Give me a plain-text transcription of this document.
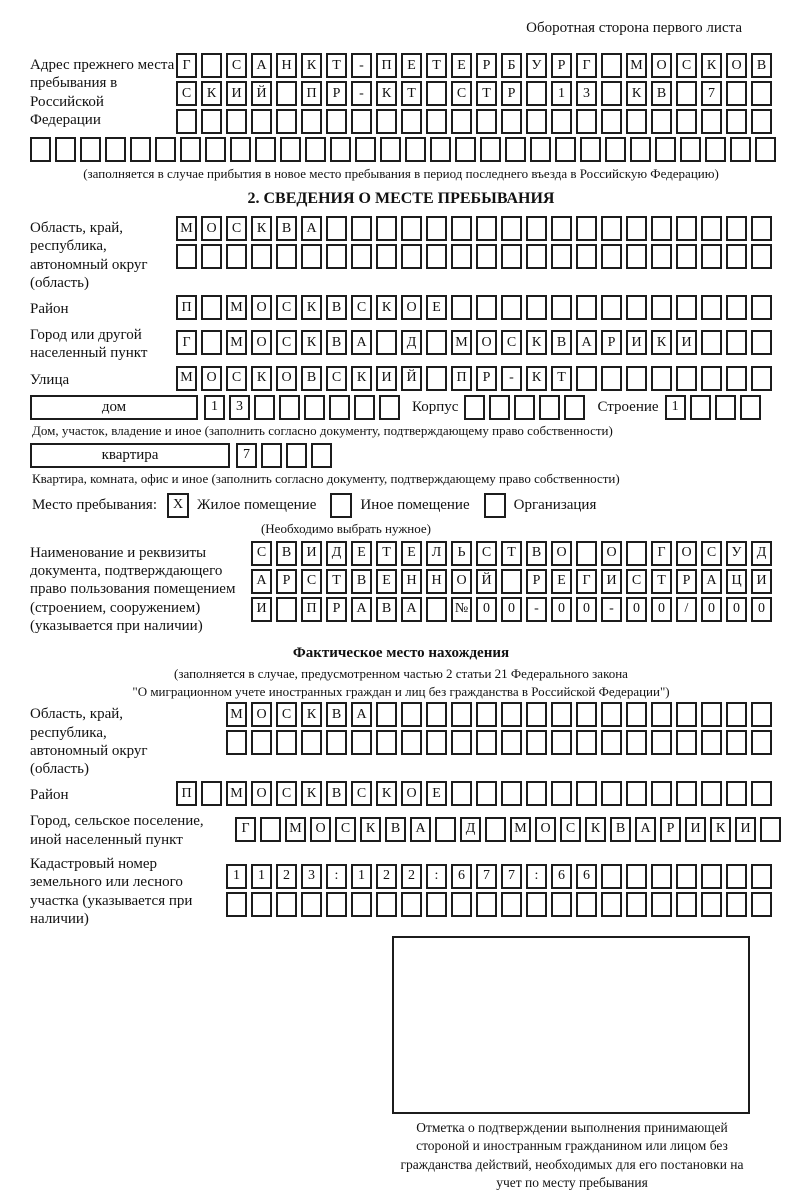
Оборотная сторона первого листа
Адрес прежнего места пребывания в Российской Федерации
Г	С	А	Н	К	Т	-	П	Е	Т	Е	Р	Б	У	Р	Г	М О	С	К	О	В
С	К	И	Й	П	Р	-	К	Т	С	Т	Р	1	3	К	В	7
(заполняется в случае прибытия в новое место пребывания в период последнего въезда в Российскую Федерацию)
2. СВЕДЕНИЯ О МЕСТЕ ПРЕБЫВАНИЯ
Область, край, республика, автономный округ (область)
М О	С	К	В	А
Район	П	М О	С	К	В	С	К	О	Е
Город или другой населенный пункт
Г	М О	С	К	В	А	Д	М О	С	К	В	А	Р	И	К	И
Улица	М О	С	К	О	В	С	К	И	Й	П	Р	-	К	Т
дом	1	3	Корпус	Строение 1
Дом, участок, владение и иное (заполнить согласно документу, подтверждающему право собственности)
квартира	7
Квартира, комната, офис и иное (заполнить согласно документу, подтверждающему право собственности)
Место пребывания:	X Жилое помещение	Иное помещение	Организация
(Необходимо выбрать нужное)
Наименование и реквизиты документа, подтверждающего право пользования помещением (строением, сооружением) (указывается при наличии)
С	В	И	Д	Е	Т	Е	Л	Ь	С	Т	В	О	О	Г	О	С	У	Д
А	Р	С	Т	В	Е	Н	Н	О	Й	Р	Е	Г	И	С	Т	Р	А	Ц	И
И	П	Р	А	В	А	№	0	0	-	0	0	-	0	0	/	0	0	0
Фактическое место нахождения
(заполняется в случае, предусмотренном частью 2 статьи 21 Федерального закона
"О миграционном учете иностранных граждан и лиц без гражданства в Российской Федерации")
Область, край, республика, автономный округ (область)
М О	С	К	В	А
Район	П	М О	С	К	В	С	К	О	Е
Город, сельское поселение, иной населенный пункт
Г	М О	С	К	В	А	Д	М О	С	К	В	А	Р	И	К	И
Кадастровый номер земельного или лесного участка (указывается при наличии)
1	1	2	3	:	1	2	2	:	6	7	7	:	6	6
Отметка о подтверждении выполнения принимающей стороной и иностранным гражданином или лицом без гражданства действий, необходимых для его постановки на учет по месту пребывания
